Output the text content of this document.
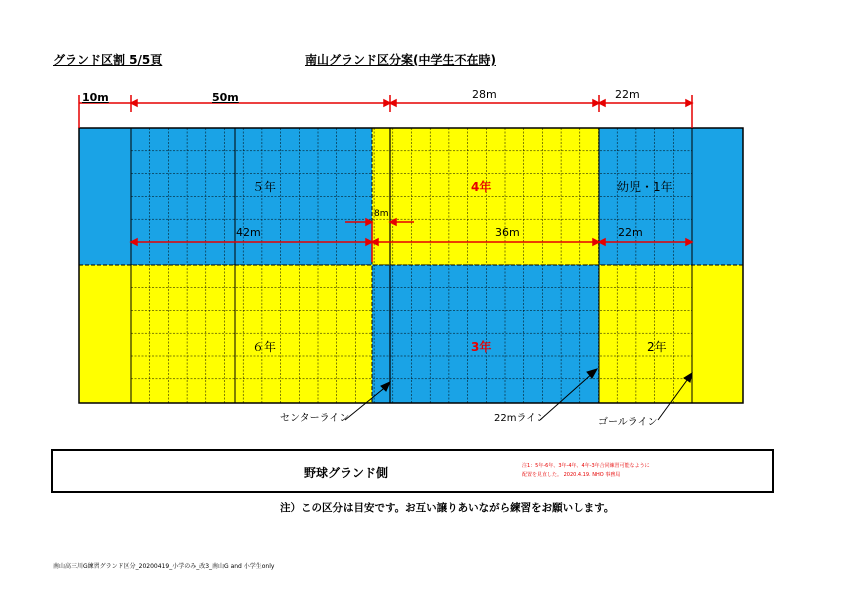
グランド区割 5/5頁	南山グランド区分案(中学生不在時)
10m	50m	28m	22m
５年	4年	幼児・1年
8m
42m	36m	22m
６年	3年	2年
センターライン	22mライン	ゴールライン
野球グランド側	注1：5年-6年、3年-4年、4年-3年合同練習可能なように
配置を見直した。 2020.4.19. NHO 事務局
注）この区分は目安です。お互い譲りあいながら練習をお願いします。
南山高三川G練習グランド区分_20200419_小学のみ_改3_南山G and 小学生only
